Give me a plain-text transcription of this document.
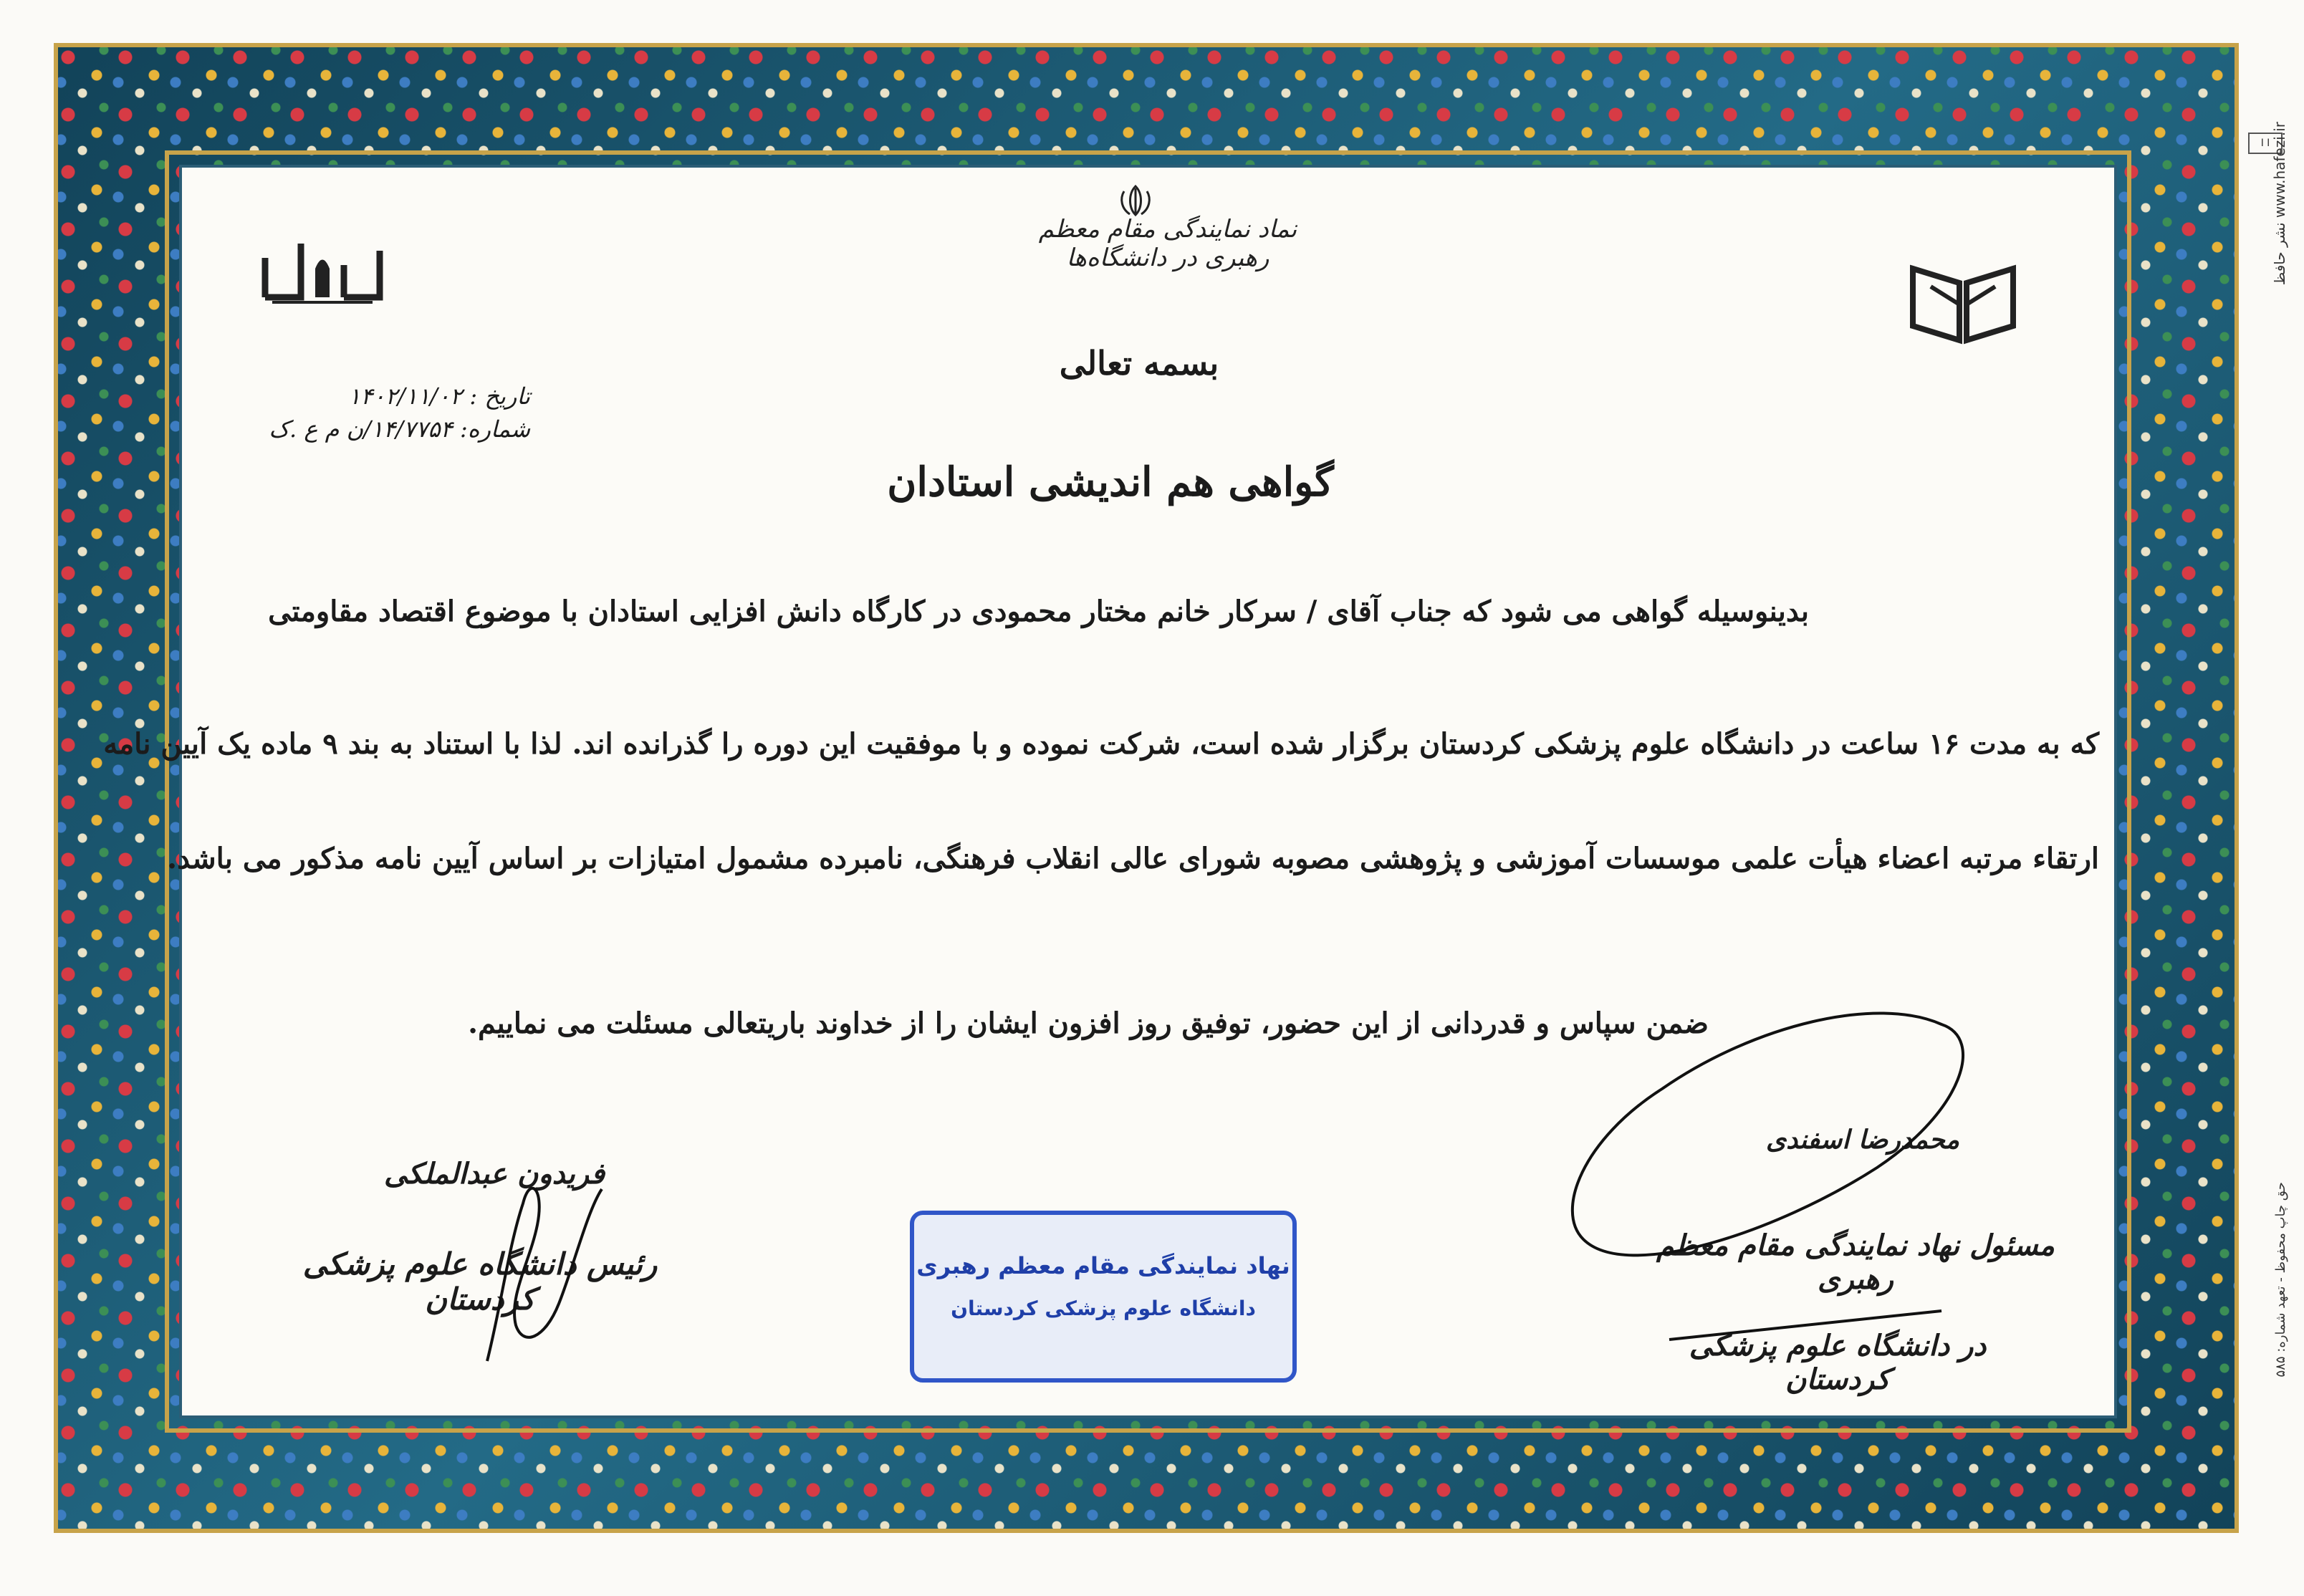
ا ا
نشر حافظ www.hafezi.ir
حق چاپ محفوظ - تعهد شماره: ۵۸۵
نماد نمایندگی مقام معظم رهبری در دانشگاه‌ها
بسمه تعالی
تاریخ : ۱۴۰۲/۱۱/۰۲
شماره: ۱۴/۷۷۵۴/ن م ع .ک
گواهی هم اندیشی استادان
بدینوسیله گواهی می شود که جناب آقای / سرکار خانم مختار محمودی در کارگاه دانش افزایی استادان با موضوع اقتصاد مقاومتی
که به مدت ۱۶ ساعت در دانشگاه علوم پزشکی کردستان برگزار شده است، شرکت نموده و با موفقیت این دوره را گذرانده اند. لذا با استناد به بند ۹ ماده یک آیین نامه
ارتقاء مرتبه اعضاء هیأت علمی موسسات آموزشی و پژوهشی مصوبه شورای عالی انقلاب فرهنگی، نامبرده مشمول امتیازات بر اساس آیین نامه مذکور می باشد.
ضمن سپاس و قدردانی از این حضور، توفیق روز افزون ایشان را از خداوند باریتعالی مسئلت می نماییم.
فریدون عبدالملکی
رئیس دانشگاه علوم پزشکی کردستان
محمدرضا اسفندی
مسئول نهاد نمایندگی مقام معظم رهبری
در دانشگاه علوم پزشکی کردستان
نهاد نمایندگی مقام معظم رهبری
دانشگاه علوم پزشکی کردستان
